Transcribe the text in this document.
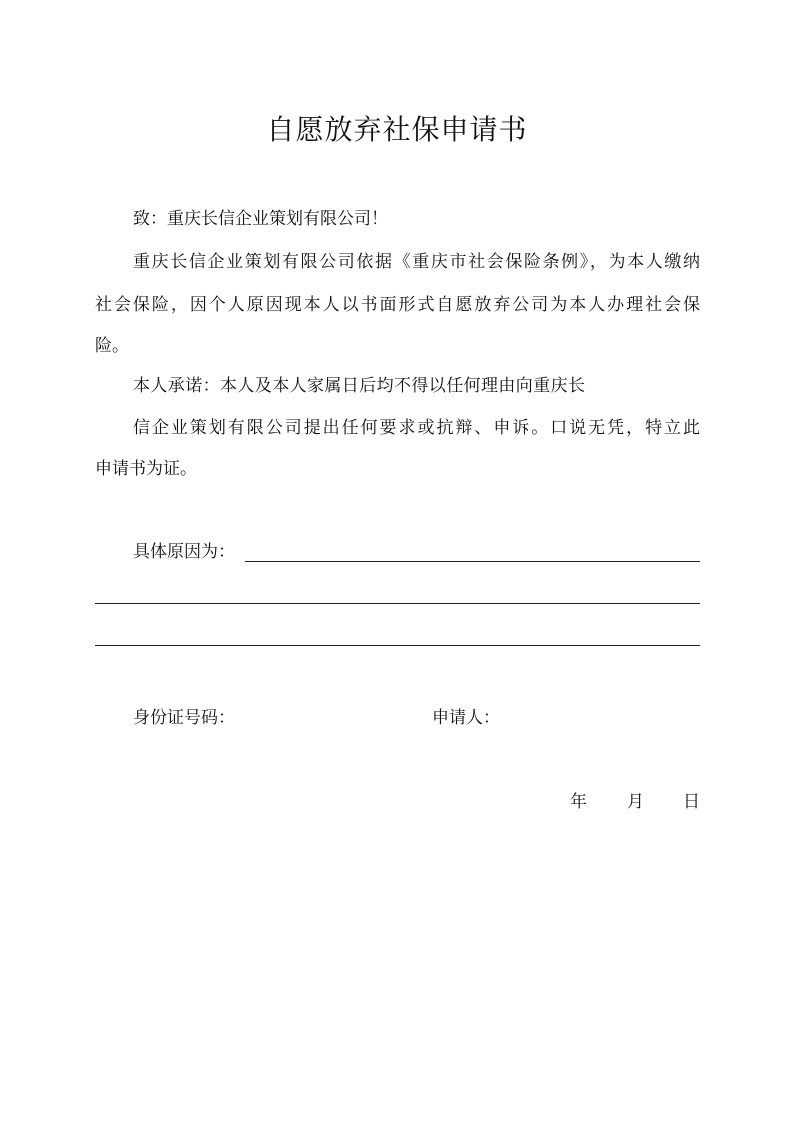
自愿放弃社保申请书
致：重庆长信企业策划有限公司！
重庆长信企业策划有限公司依据《重庆市社会保险条例》，为本人缴纳
社会保险，因个人原因现本人以书面形式自愿放弃公司为本人办理社会保
险。
本人承诺：本人及本人家属日后均不得以任何理由向重庆长
信企业策划有限公司提出任何要求或抗辩、申诉。口说无凭，特立此
申请书为证。
具体原因为：
身份证号码：	申请人：
年 月 日
